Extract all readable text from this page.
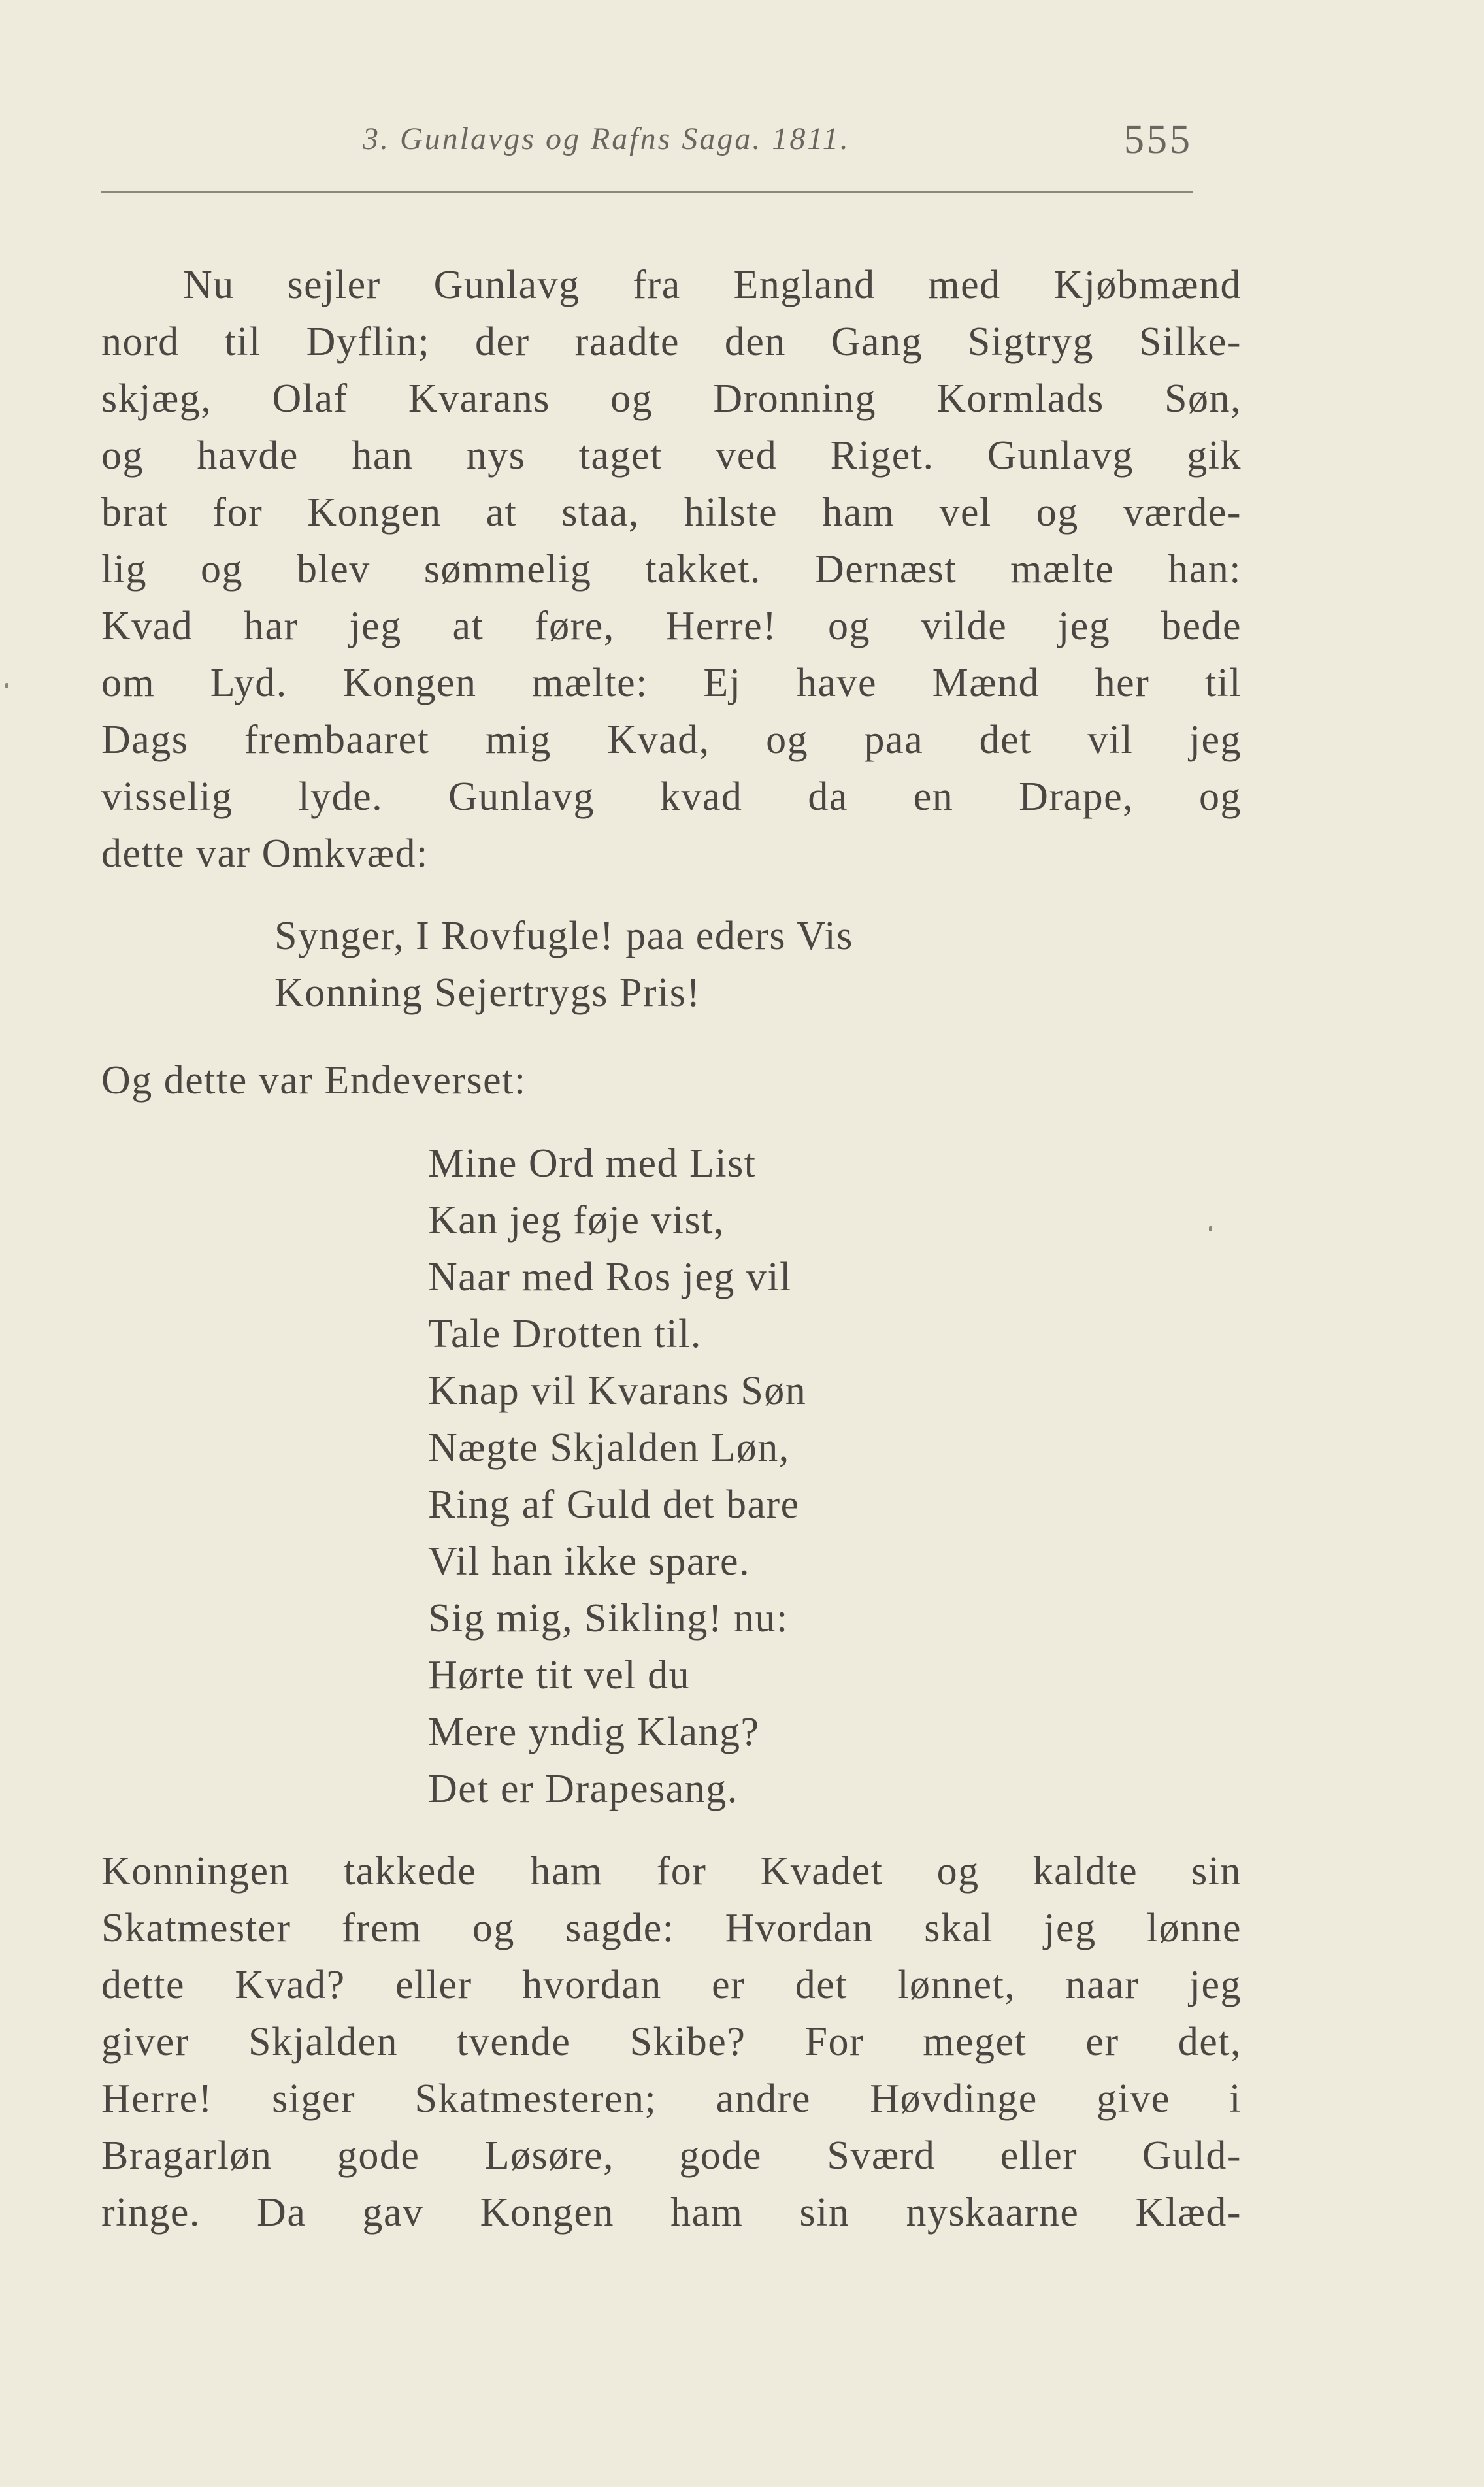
3. Gunlavgs og Rafns Saga. 1811.	555
Nu sejler Gunlavg fra England med Kjøbmænd
nord til Dyflin; der raadte den Gang Sigtryg Silke-
skjæg, Olaf Kvarans og Dronning Kormlads Søn,
og havde han nys taget ved Riget. Gunlavg gik
brat for Kongen at staa, hilste ham vel og værde-
lig og blev sømmelig takket. Dernæst mælte han:
Kvad har jeg at føre, Herre! og vilde jeg bede
om Lyd. Kongen mælte: Ej have Mænd her til
Dags frembaaret mig Kvad, og paa det vil jeg
visselig lyde. Gunlavg kvad da en Drape, og
dette var Omkvæd:
Synger, I Rovfugle! paa eders Vis
Konning Sejertrygs Pris!
Og dette var Endeverset:
Mine Ord med List
Kan jeg føje vist,
Naar med Ros jeg vil
Tale Drotten til.
Knap vil Kvarans Søn
Nægte Skjalden Løn,
Ring af Guld det bare
Vil han ikke spare.
Sig mig, Sikling! nu:
Hørte tit vel du
Mere yndig Klang?
Det er Drapesang.
Konningen takkede ham for Kvadet og kaldte sin
Skatmester frem og sagde: Hvordan skal jeg lønne
dette Kvad? eller hvordan er det lønnet, naar jeg
giver Skjalden tvende Skibe? For meget er det,
Herre! siger Skatmesteren; andre Høvdinge give i
Bragarløn gode Løsøre, gode Sværd eller Guld-
ringe. Da gav Kongen ham sin nyskaarne Klæd-
